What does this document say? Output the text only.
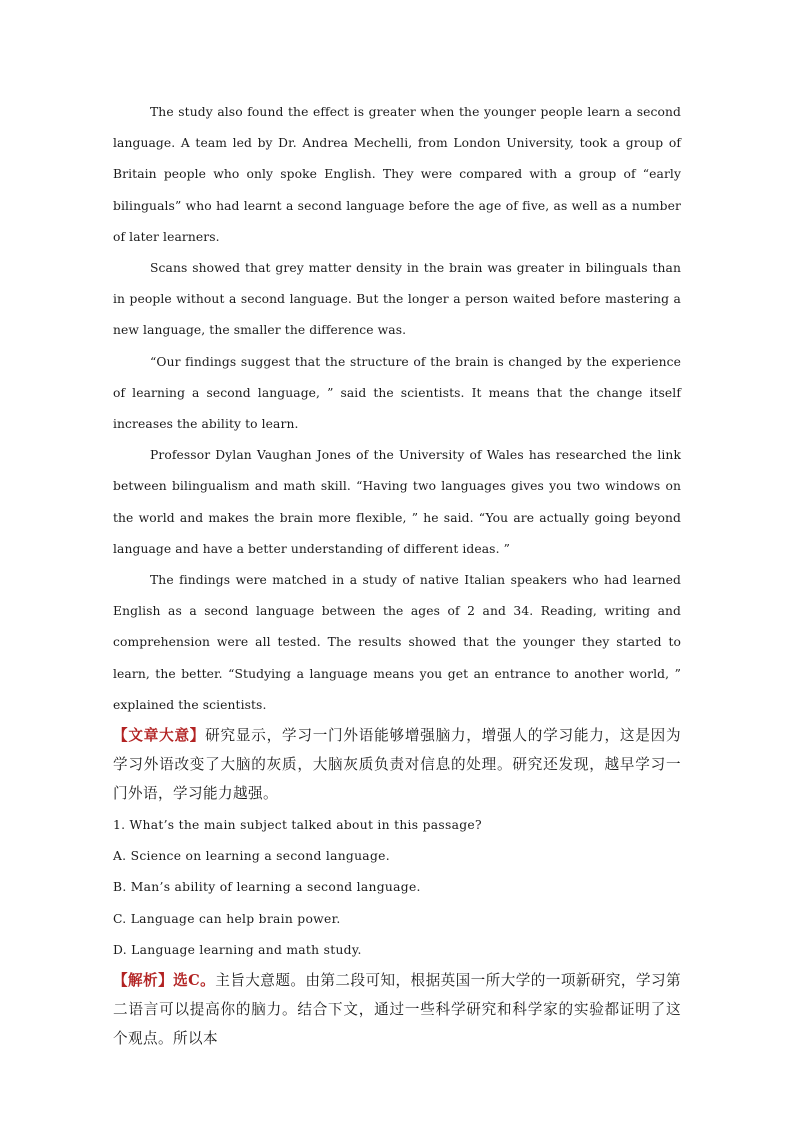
The study also found the effect is greater when the younger people learn a second language. A team led by Dr. Andrea Mechelli, from London University, took a group of Britain people who only spoke English. They were compared with a group of “early bilinguals” who had learnt a second language before the age of five, as well as a number of later learners.

Scans showed that grey matter density in the brain was greater in bilinguals than in people without a second language. But the longer a person waited before mastering a new language, the smaller the difference was.

“Our findings suggest that the structure of the brain is changed by the experience of learning a second language, ” said the scientists. It means that the change itself increases the ability to learn.

Professor Dylan Vaughan Jones of the University of Wales has researched the link between bilingualism and math skill. “Having two languages gives you two windows on the world and makes the brain more flexible, ” he said. “You are actually going beyond language and have a better understanding of different ideas. ”

The findings were matched in a study of native Italian speakers who had learned English as a second language between the ages of 2 and 34. Reading, writing and comprehension were all tested. The results showed that the younger they started to learn, the better. “Studying a language means you get an entrance to another world, ” explained the scientists.

【文章大意】研究显示，学习一门外语能够增强脑力，增强人的学习能力，这是因为学习外语改变了大脑的灰质，大脑灰质负责对信息的处理。研究还发现，越早学习一门外语，学习能力越强。

1. What’s the main subject talked about in this passage?

A. Science on learning a second language.

B. Man’s ability of learning a second language.

C. Language can help brain power.

D. Language learning and math study.

【解析】选C。主旨大意题。由第二段可知，根据英国一所大学的一项新研究，学习第二语言可以提高你的脑力。结合下文，通过一些科学研究和科学家的实验都证明了这个观点。所以本
